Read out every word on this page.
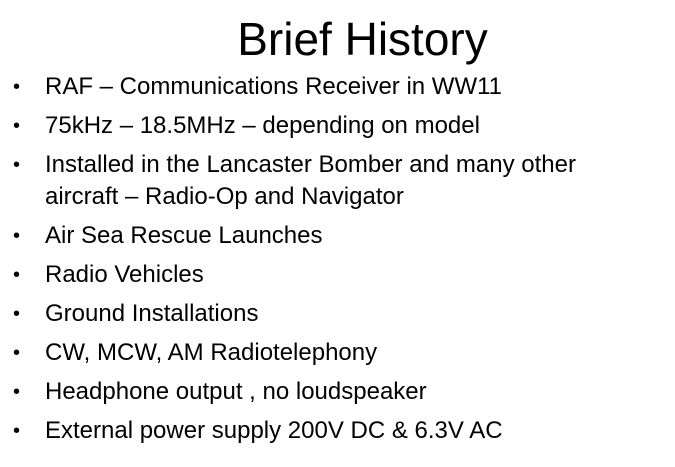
Brief History
• RAF – Communications Receiver in WW11
• 75kHz – 18.5MHz – depending on model
• Installed in the Lancaster Bomber and many other
aircraft – Radio-Op and Navigator
• Air Sea Rescue Launches
• Radio Vehicles
• Ground Installations
• CW, MCW, AM Radiotelephony
• Headphone output , no loudspeaker
• External power supply 200V DC & 6.3V AC
